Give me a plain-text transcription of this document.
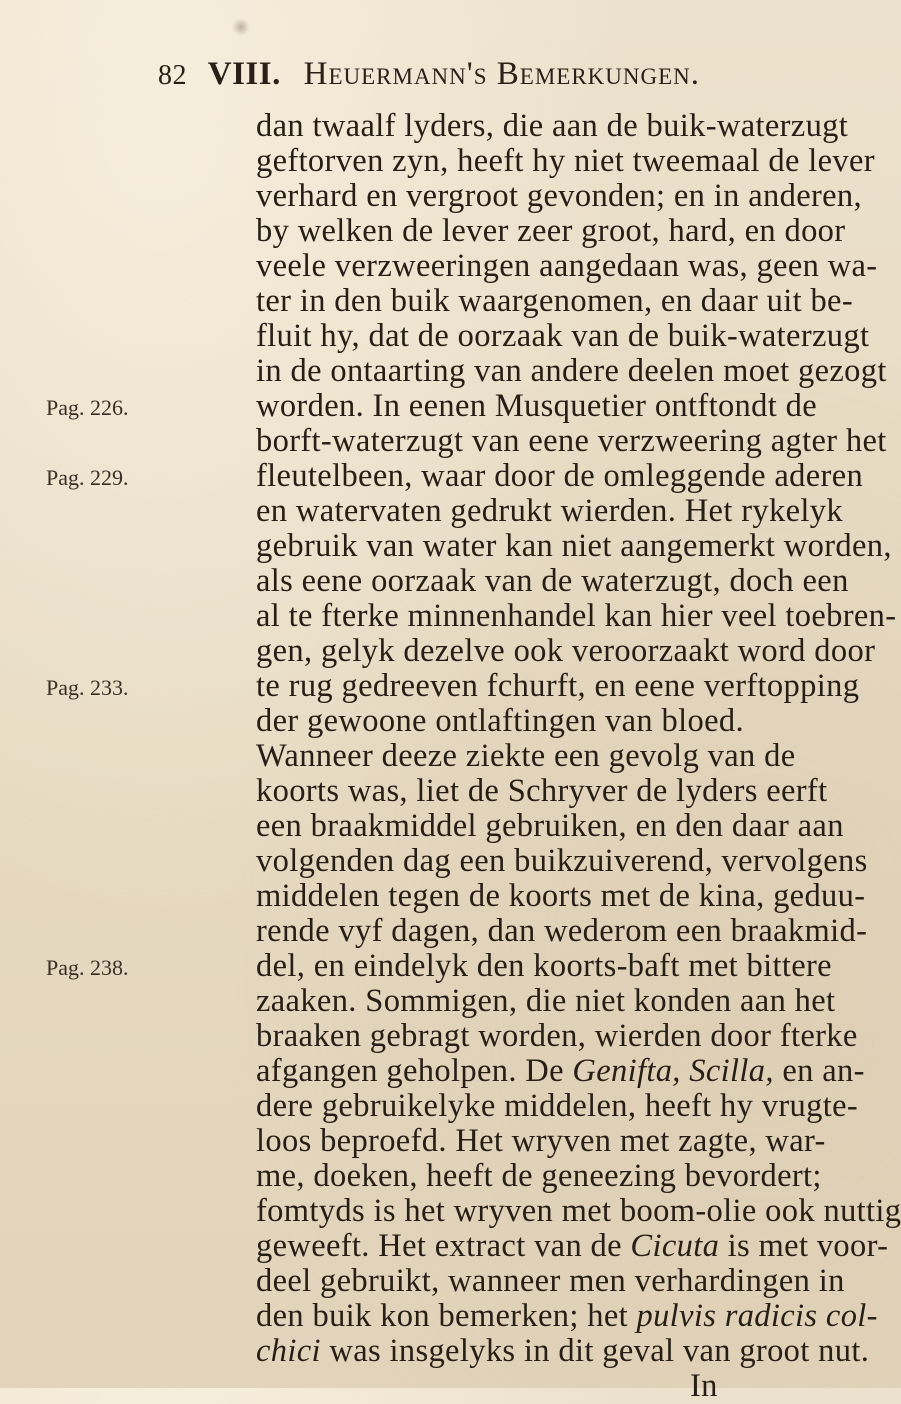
82 VIII. Heuermann's Bemerkungen.
dan twaalf lyders, die aan de buik-waterzugt
geftorven zyn, heeft hy niet tweemaal de lever
verhard en vergroot gevonden; en in anderen,
by welken de lever zeer groot, hard, en door
veele verzweeringen aangedaan was, geen wa-
ter in den buik waargenomen, en daar uit be-
fluit hy, dat de oorzaak van de buik-waterzugt
in de ontaarting van andere deelen moet gezogt
worden. In eenen Musquetier ontftondt de
borft-waterzugt van eene verzweering agter het
fleutelbeen, waar door de omleggende aderen
en watervaten gedrukt wierden. Het rykelyk
gebruik van water kan niet aangemerkt worden,
als eene oorzaak van de waterzugt, doch een
al te fterke minnenhandel kan hier veel toebren-
gen, gelyk dezelve ook veroorzaakt word door
te rug gedreeven fchurft, en eene verftopping
der gewoone ontlaftingen van bloed.
Wanneer deeze ziekte een gevolg van de
koorts was, liet de Schryver de lyders eerft
een braakmiddel gebruiken, en den daar aan
volgenden dag een buikzuiverend, vervolgens
middelen tegen de koorts met de kina, geduu-
rende vyf dagen, dan wederom een braakmid-
del, en eindelyk den koorts-baft met bittere
zaaken. Sommigen, die niet konden aan het
braaken gebragt worden, wierden door fterke
afgangen geholpen. De Genifta, Scilla, en an-
dere gebruikelyke middelen, heeft hy vrugte-
loos beproefd. Het wryven met zagte, war-
me, doeken, heeft de geneezing bevordert;
fomtyds is het wryven met boom-olie ook nuttig
geweeft. Het extract van de Cicuta is met voor-
deel gebruikt, wanneer men verhardingen in
den buik kon bemerken; het pulvis radicis col-
chici was insgelyks in dit geval van groot nut.
In
Pag. 226.
Pag. 229.
Pag. 233.
Pag. 238.
